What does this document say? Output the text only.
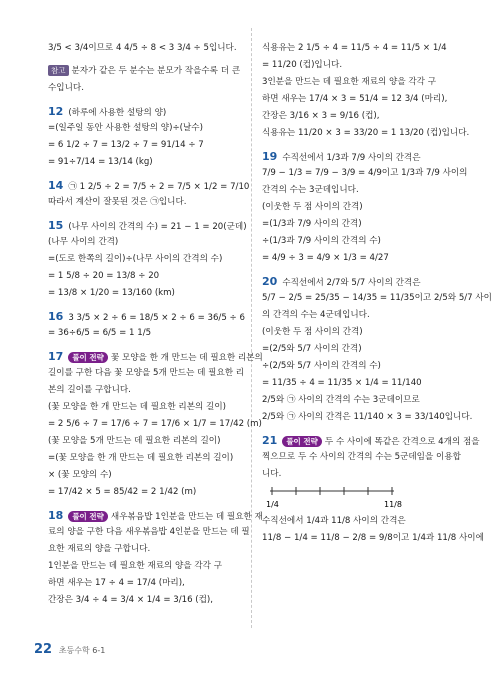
3/5 < 3/4이므로 4 4/5 ÷ 8 < 3 3/4 ÷ 5입니다.
참고 분자가 같은 두 분수는 분모가 작을수록 더 큰
수입니다.
12 (하루에 사용한 설탕의 양)
=(일주일 동안 사용한 설탕의 양)÷(날수)
= 6 1/2 ÷ 7 = 13/2 ÷ 7 = 91/14 ÷ 7
= 91÷7/14 = 13/14 (kg)
14 ㉠ 1 2/5 ÷ 2 = 7/5 ÷ 2 = 7/5 × 1/2 = 7/10
따라서 계산이 잘못된 것은 ㉠입니다.
15 (나무 사이의 간격의 수) = 21 − 1 = 20(군데)
(나무 사이의 간격)
=(도로 한쪽의 길이)÷(나무 사이의 간격의 수)
= 1 5/8 ÷ 20 = 13/8 ÷ 20
= 13/8 × 1/20 = 13/160 (km)
16 3 3/5 × 2 ÷ 6 = 18/5 × 2 ÷ 6 = 36/5 ÷ 6
= 36÷6/5 = 6/5 = 1 1/5
17 풀이 전략 꽃 모양을 한 개 만드는 데 필요한 리본의
길이를 구한 다음 꽃 모양을 5개 만드는 데 필요한 리
본의 길이를 구합니다.
(꽃 모양을 한 개 만드는 데 필요한 리본의 길이)
= 2 5/6 ÷ 7 = 17/6 ÷ 7 = 17/6 × 1/7 = 17/42 (m)
(꽃 모양을 5개 만드는 데 필요한 리본의 길이)
=(꽃 모양을 한 개 만드는 데 필요한 리본의 길이)
× (꽃 모양의 수)
= 17/42 × 5 = 85/42 = 2 1/42 (m)
18 풀이 전략 새우볶음밥 1인분을 만드는 데 필요한 재
료의 양을 구한 다음 새우볶음밥 4인분을 만드는 데 필
요한 재료의 양을 구합니다.
1인분을 만드는 데 필요한 재료의 양을 각각 구
하면 새우는 17 ÷ 4 = 17/4 (마리),
간장은 3/4 ÷ 4 = 3/4 × 1/4 = 3/16 (컵),
식용유는 2 1/5 ÷ 4 = 11/5 ÷ 4 = 11/5 × 1/4
= 11/20 (컵)입니다.
3인분을 만드는 데 필요한 재료의 양을 각각 구
하면 새우는 17/4 × 3 = 51/4 = 12 3/4 (마리),
간장은 3/16 × 3 = 9/16 (컵),
식용유는 11/20 × 3 = 33/20 = 1 13/20 (컵)입니다.
19 수직선에서 1/3과 7/9 사이의 간격은
7/9 − 1/3 = 7/9 − 3/9 = 4/9이고 1/3과 7/9 사이의
간격의 수는 3군데입니다.
(이웃한 두 점 사이의 간격)
=(1/3과 7/9 사이의 간격)
÷(1/3과 7/9 사이의 간격의 수)
= 4/9 ÷ 3 = 4/9 × 1/3 = 4/27
20 수직선에서 2/7와 5/7 사이의 간격은
5/7 − 2/5 = 25/35 − 14/35 = 11/35이고 2/5와 5/7 사이
의 간격의 수는 4군데입니다.
(이웃한 두 점 사이의 간격)
=(2/5와 5/7 사이의 간격)
÷(2/5와 5/7 사이의 간격의 수)
= 11/35 ÷ 4 = 11/35 × 1/4 = 11/140
2/5와 ㉠ 사이의 간격의 수는 3군데이므로
2/5와 ㉠ 사이의 간격은 11/140 × 3 = 33/140입니다.
21 풀이 전략 두 수 사이에 똑같은 간격으로 4개의 점을
찍으므로 두 수 사이의 간격의 수는 5군데임을 이용합
니다.
1/4	11/8
수직선에서 1/4과 11/8 사이의 간격은
11/8 − 1/4 = 11/8 − 2/8 = 9/8이고 1/4과 11/8 사이에
22 초등수학 6-1
